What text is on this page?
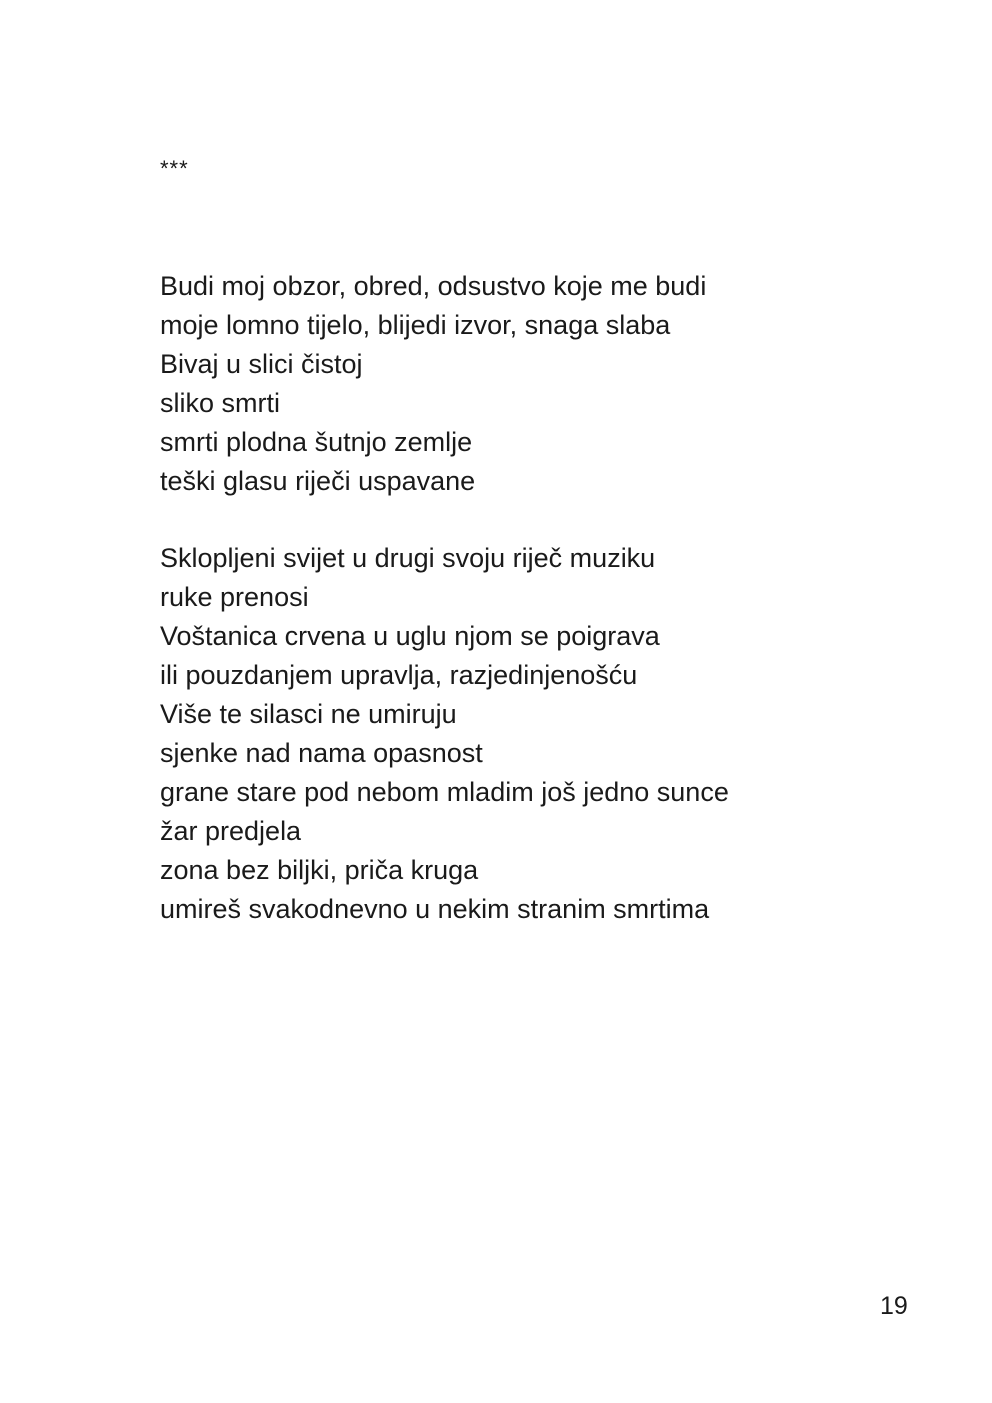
***
Budi moj obzor, obred, odsustvo koje me budi
moje lomno tijelo, blijedi izvor, snaga slaba
Bivaj u slici čistoj
sliko smrti
smrti plodna šutnjo zemlje
teški glasu riječi uspavane
Sklopljeni svijet u drugi svoju riječ muziku
ruke prenosi
Voštanica crvena u uglu njom se poigrava
ili pouzdanjem upravlja, razjedinjenošću
Više te silasci ne umiruju
sjenke nad nama opasnost
grane stare pod nebom mladim još jedno sunce
žar predjela
zona bez biljki, priča kruga
umireš svakodnevno u nekim stranim smrtima
19
